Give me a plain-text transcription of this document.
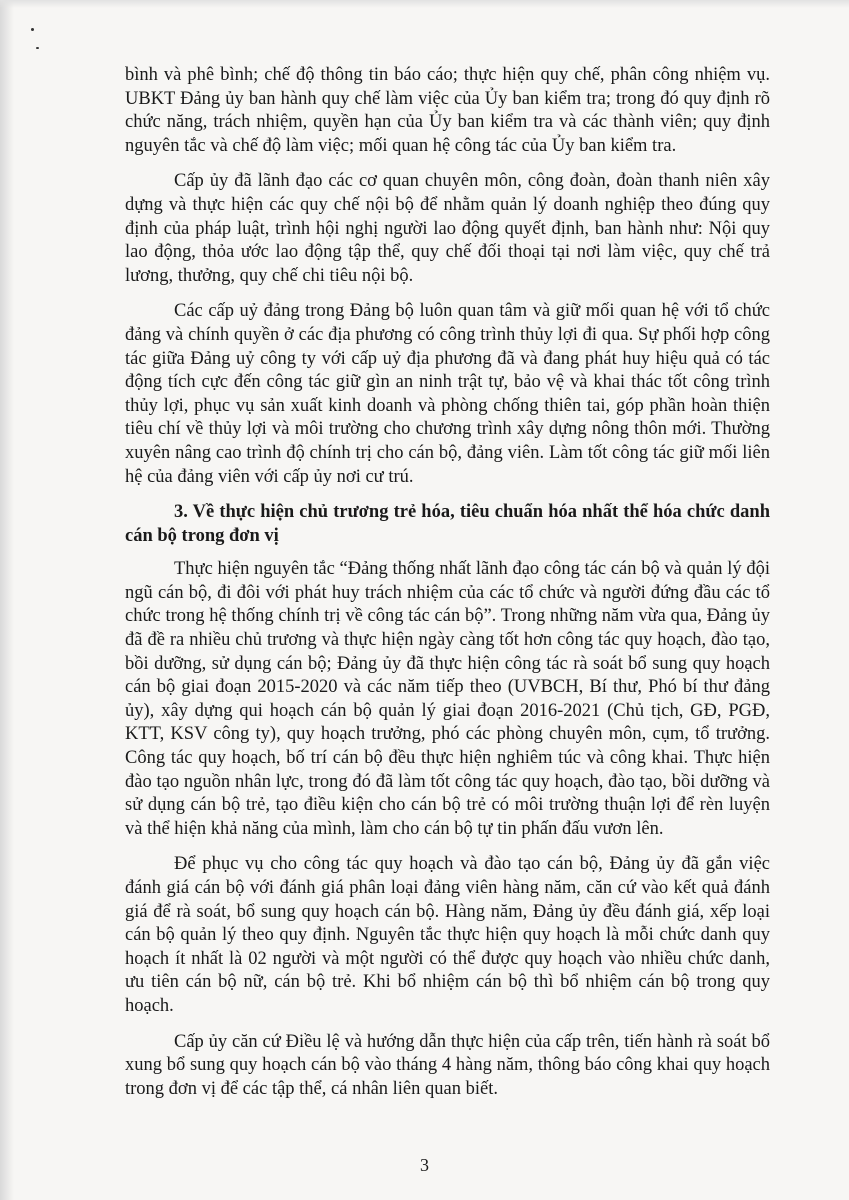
bình và phê bình; chế độ thông tin báo cáo; thực hiện quy chế, phân công nhiệm vụ. UBKT Đảng ủy ban hành quy chế làm việc của Ủy ban kiểm tra; trong đó quy định rõ chức năng, trách nhiệm, quyền hạn của Ủy ban kiểm tra và các thành viên; quy định nguyên tắc và chế độ làm việc; mối quan hệ công tác của Ủy ban kiểm tra.

Cấp ủy đã lãnh đạo các cơ quan chuyên môn, công đoàn, đoàn thanh niên xây dựng và thực hiện các quy chế nội bộ để nhằm quản lý doanh nghiệp theo đúng quy định của pháp luật, trình hội nghị người lao động quyết định, ban hành như: Nội quy lao động, thỏa ước lao động tập thể, quy chế đối thoại tại nơi làm việc, quy chế trả lương, thưởng, quy chế chi tiêu nội bộ.

Các cấp uỷ đảng trong Đảng bộ luôn quan tâm và giữ mối quan hệ với tổ chức đảng và chính quyền ở các địa phương có công trình thủy lợi đi qua. Sự phối hợp công tác giữa Đảng uỷ công ty với cấp uỷ địa phương đã và đang phát huy hiệu quả có tác động tích cực đến công tác giữ gìn an ninh trật tự, bảo vệ và khai thác tốt công trình thủy lợi, phục vụ sản xuất kinh doanh và phòng chống thiên tai, góp phần hoàn thiện tiêu chí về thủy lợi và môi trường cho chương trình xây dựng nông thôn mới. Thường xuyên nâng cao trình độ chính trị cho cán bộ, đảng viên. Làm tốt công tác giữ mối liên hệ của đảng viên với cấp ủy nơi cư trú.

3. Về thực hiện chủ trương trẻ hóa, tiêu chuẩn hóa nhất thể hóa chức danh cán bộ trong đơn vị

Thực hiện nguyên tắc “Đảng thống nhất lãnh đạo công tác cán bộ và quản lý đội ngũ cán bộ, đi đôi với phát huy trách nhiệm của các tổ chức và người đứng đầu các tổ chức trong hệ thống chính trị về công tác cán bộ”. Trong những năm vừa qua, Đảng ủy đã đề ra nhiều chủ trương và thực hiện ngày càng tốt hơn công tác quy hoạch, đào tạo, bồi dưỡng, sử dụng cán bộ; Đảng ủy đã thực hiện công tác rà soát bổ sung quy hoạch cán bộ giai đoạn 2015-2020 và các năm tiếp theo (UVBCH, Bí thư, Phó bí thư đảng ủy), xây dựng qui hoạch cán bộ quản lý giai đoạn 2016-2021 (Chủ tịch, GĐ, PGĐ, KTT, KSV công ty), quy hoạch trưởng, phó các phòng chuyên môn, cụm, tổ trưởng. Công tác quy hoạch, bố trí cán bộ đều thực hiện nghiêm túc và công khai. Thực hiện đào tạo nguồn nhân lực, trong đó đã làm tốt công tác quy hoạch, đào tạo, bồi dưỡng và sử dụng cán bộ trẻ, tạo điều kiện cho cán bộ trẻ có môi trường thuận lợi để rèn luyện và thể hiện khả năng của mình, làm cho cán bộ tự tin phấn đấu vươn lên.

Để phục vụ cho công tác quy hoạch và đào tạo cán bộ, Đảng ủy đã gắn việc đánh giá cán bộ với đánh giá phân loại đảng viên hàng năm, căn cứ vào kết quả đánh giá để rà soát, bổ sung quy hoạch cán bộ. Hàng năm, Đảng ủy đều đánh giá, xếp loại cán bộ quản lý theo quy định. Nguyên tắc thực hiện quy hoạch là mỗi chức danh quy hoạch ít nhất là 02 người và một người có thể được quy hoạch vào nhiều chức danh, ưu tiên cán bộ nữ, cán bộ trẻ. Khi bổ nhiệm cán bộ thì bổ nhiệm cán bộ trong quy hoạch.

Cấp ủy căn cứ Điều lệ và hướng dẫn thực hiện của cấp trên, tiến hành rà soát bổ xung bổ sung quy hoạch cán bộ vào tháng 4 hàng năm, thông báo công khai quy hoạch trong đơn vị để các tập thể, cá nhân liên quan biết.

3
